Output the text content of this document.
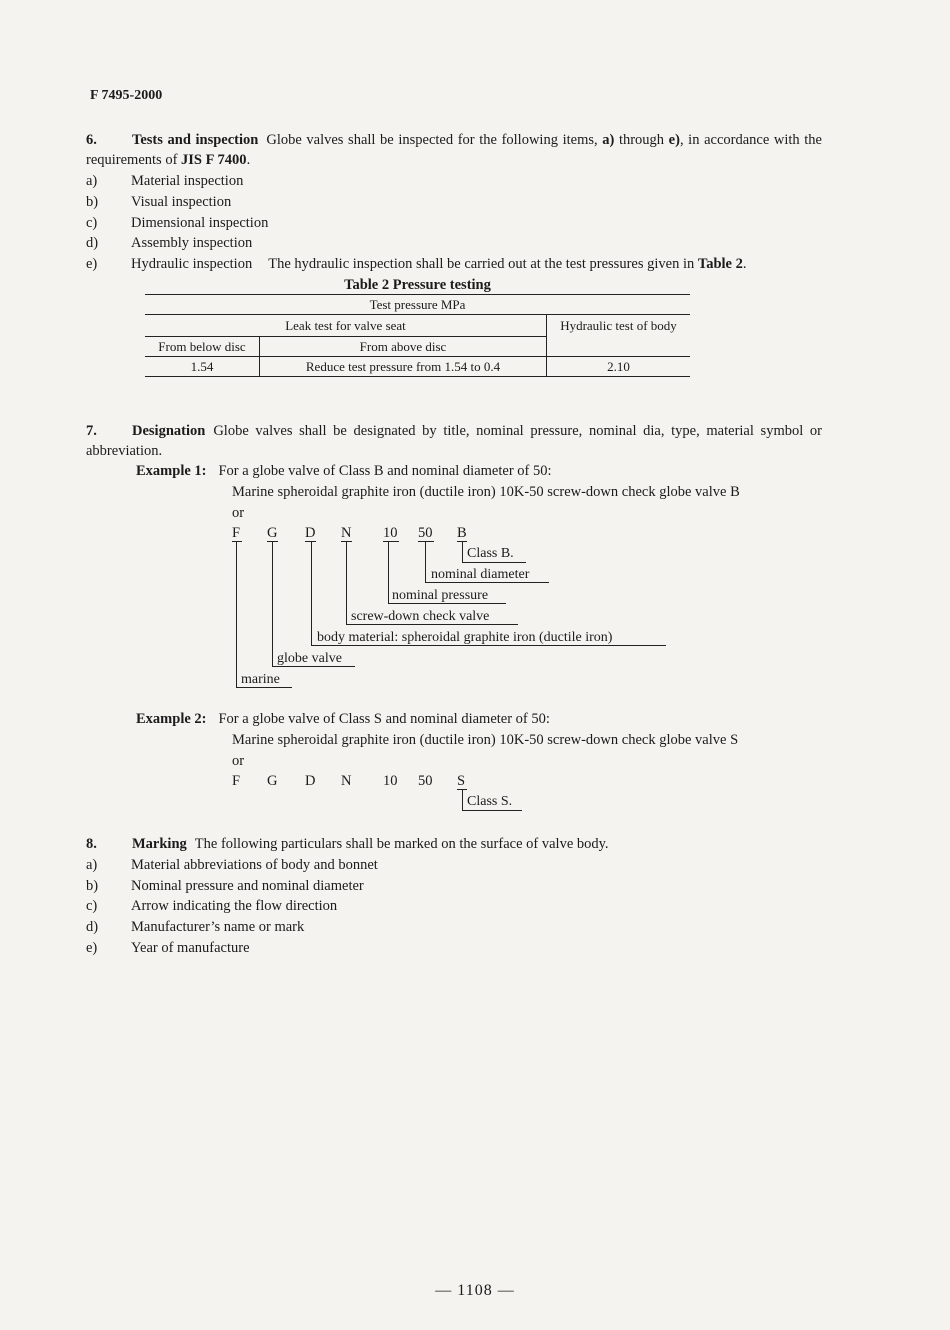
F 7495-2000
6. Tests and inspection Globe valves shall be inspected for the following items, a) through e), in accordance with the requirements of JIS F 7400.
a) Material inspection
b) Visual inspection
c) Dimensional inspection
d) Assembly inspection
e) Hydraulic inspection The hydraulic inspection shall be carried out at the test pressures given in Table 2.
Table 2 Pressure testing
Test pressure MPa		
Leak test for valve seat		Hydraulic test of body
From below disc	From above disc	
1.54	Reduce test pressure from 1.54 to 0.4	2.10
7. Designation Globe valves shall be designated by title, nominal pressure, nominal dia, type, material symbol or abbreviation.
Example 1: For a globe valve of Class B and nominal diameter of 50:
Marine spheroidal graphite iron (ductile iron) 10K-50 screw-down check globe valve B
or
F G D N 10 50 B
Class B.
nominal diameter
nominal pressure
screw-down check valve
body material: spheroidal graphite iron (ductile iron)
globe valve
marine
Example 2: For a globe valve of Class S and nominal diameter of 50:
Marine spheroidal graphite iron (ductile iron) 10K-50 screw-down check globe valve S
or
F G D N 10 50 S
Class S.
8. Marking The following particulars shall be marked on the surface of valve body.
a) Material abbreviations of body and bonnet
b) Nominal pressure and nominal diameter
c) Arrow indicating the flow direction
d) Manufacturer’s name or mark
e) Year of manufacture
— 1108 —
